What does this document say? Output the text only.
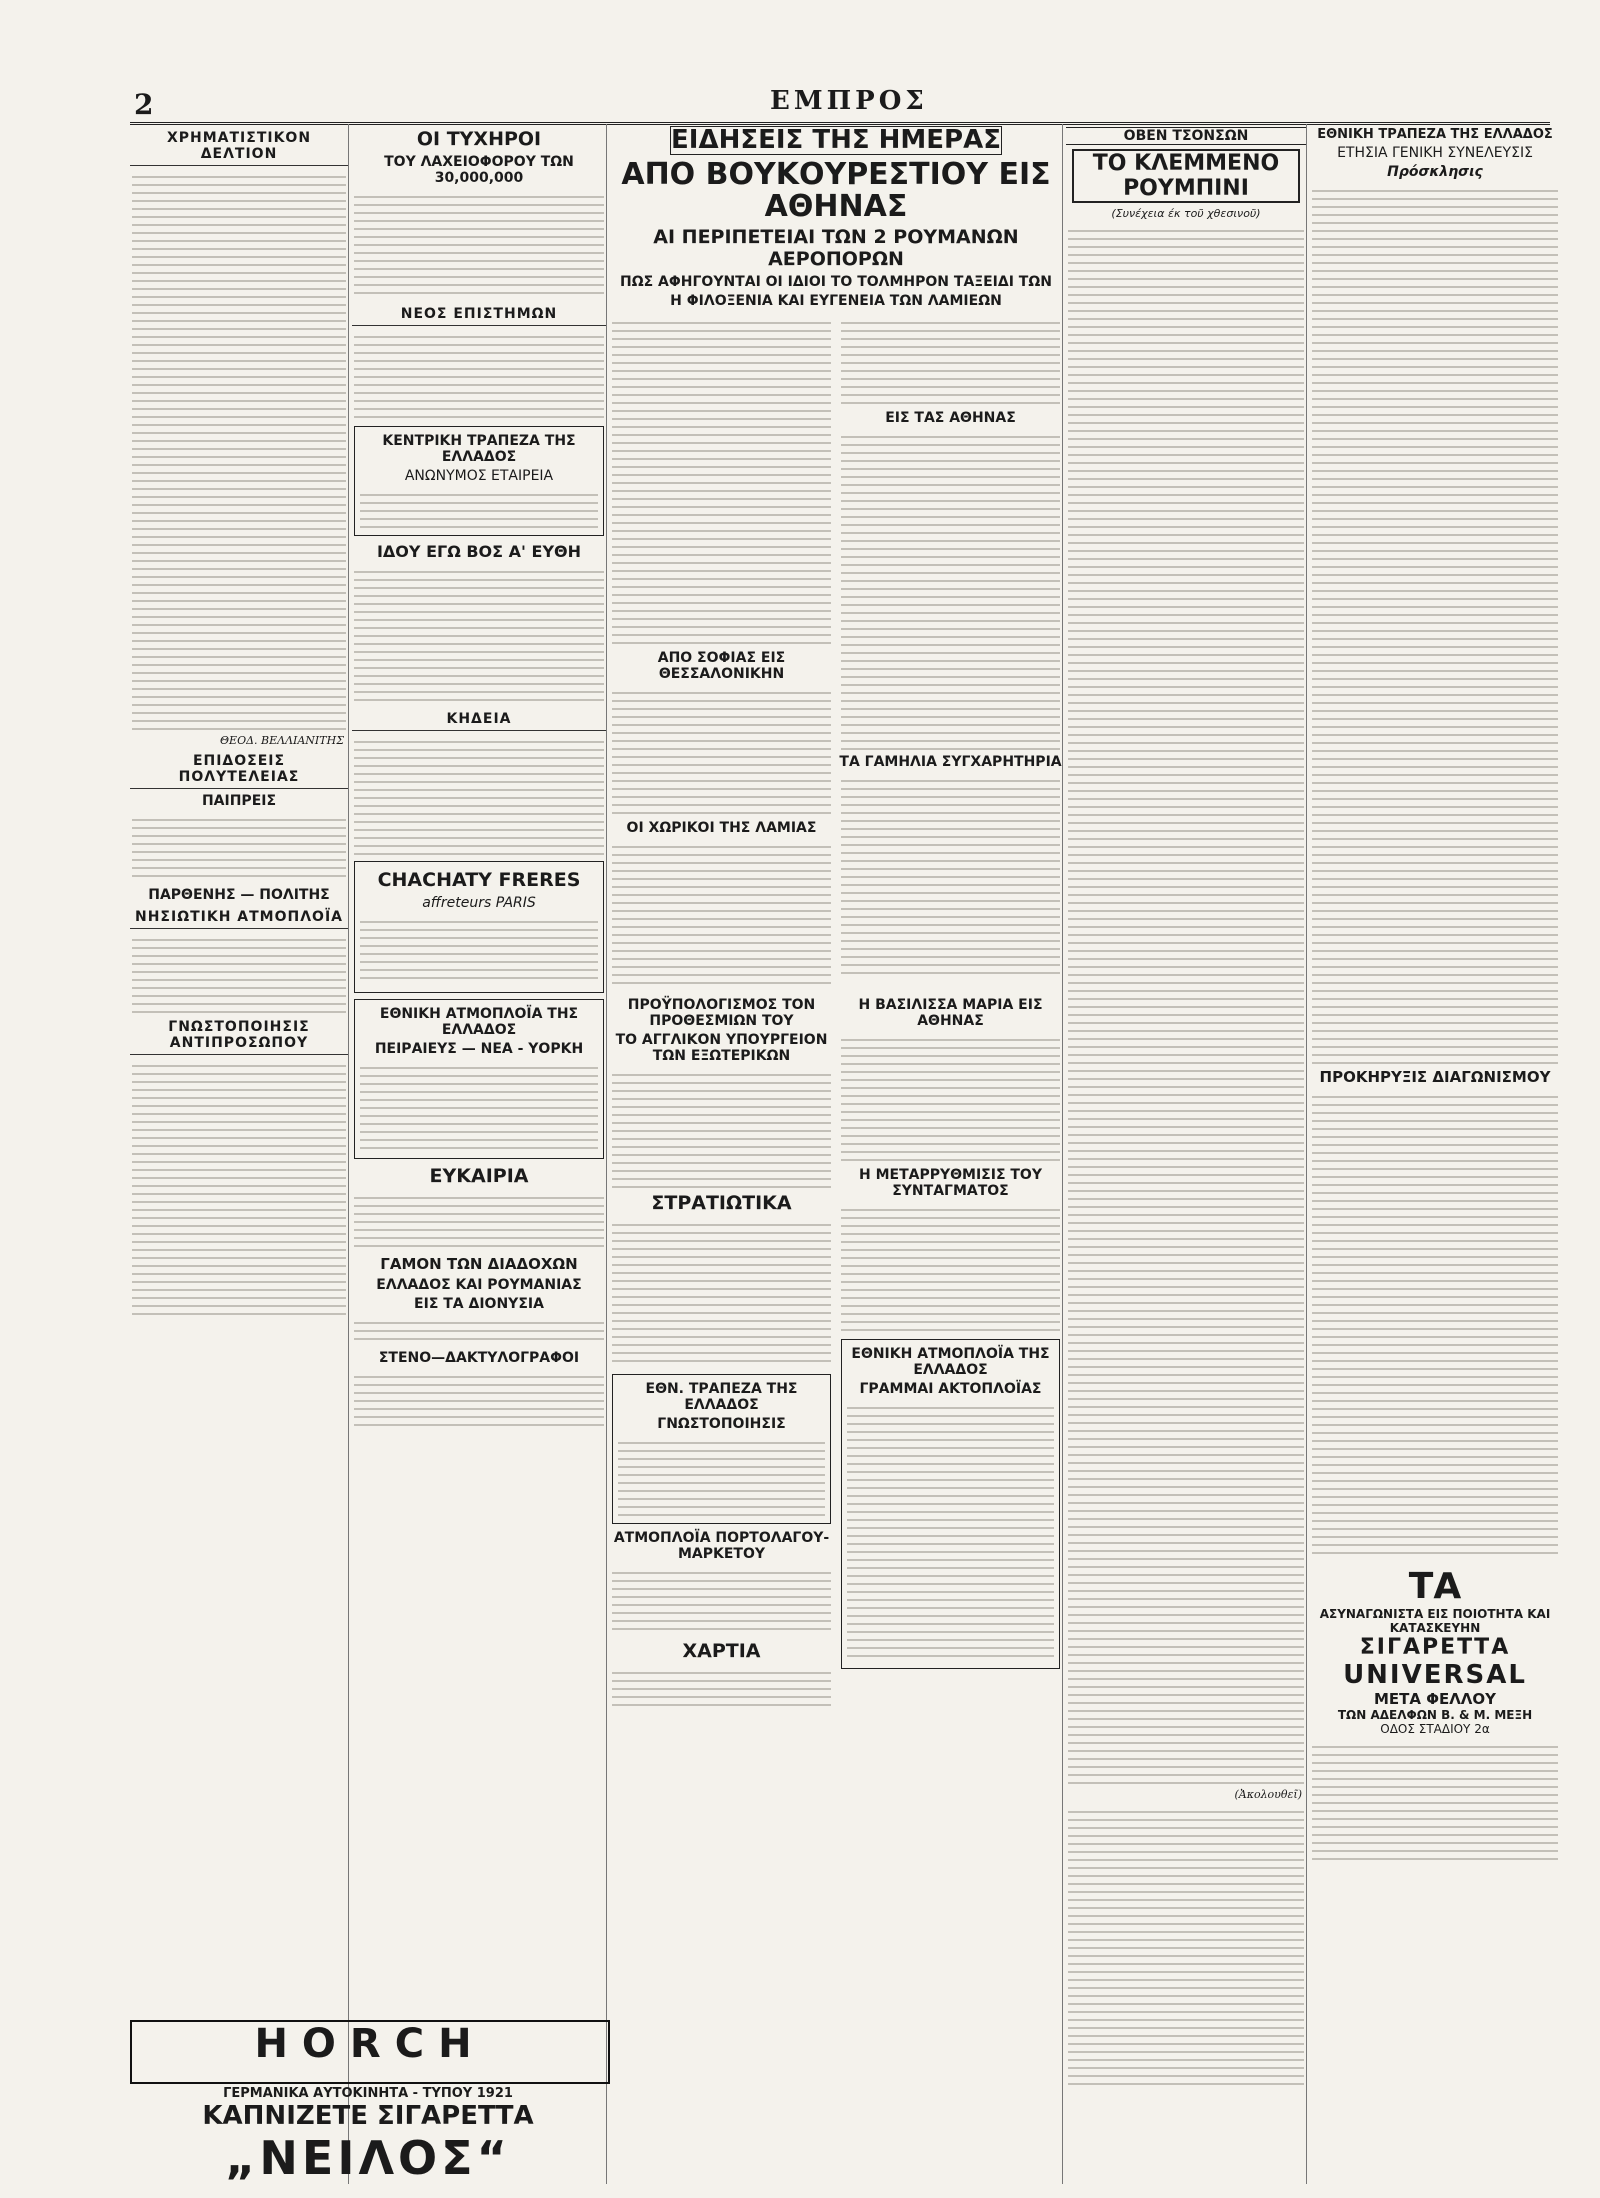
2	ΕΜΠΡΟΣ
ΧΡΗΜΑΤΙΣΤΙΚΟΝ ΔΕΛΤΙΟΝ
ΘΕΟΔ. ΒΕΛΛΙΑΝΙΤΗΣ
ΕΠΙΔΟΣΕΙΣ ΠΟΛΥΤΕΛΕΙΑΣ
ΠΑΙΠΡΕΙΣ
ΠΑΡΘΕΝΗΣ — ΠΟΛΙΤΗΣ
ΝΗΣΙΩΤΙΚΗ ΑΤΜΟΠΛΟΪΑ
ΓΝΩΣΤΟΠΟΙΗΣΙΣ ΑΝΤΙΠΡΟΣΩΠΟΥ
ΟΙ ΤΥΧΗΡΟΙ
ΤΟΥ ΛΑΧΕΙΟΦΟΡΟΥ ΤΩΝ 30,000,000
ΝΕΟΣ ΕΠΙΣΤΗΜΩΝ
ΚΕΝΤΡΙΚΗ ΤΡΑΠΕΖΑ ΤΗΣ ΕΛΛΑΔΟΣ
ΑΝΩΝΥΜΟΣ ΕΤΑΙΡΕΙΑ
ΙΔΟΥ ΕΓΩ ΒΟΣ Α' ΕΥΘΗ
ΚΗΔΕΙΑ
CHACHATY FRERES
affreteurs PARIS
ΕΘΝΙΚΗ ΑΤΜΟΠΛΟΪΑ ΤΗΣ ΕΛΛΑΔΟΣ
ΠΕΙΡΑΙΕΥΣ — ΝΕΑ - ΥΟΡΚΗ
ΕΥΚΑΙΡΙΑ
ΓΑΜΟΝ ΤΩΝ ΔΙΑΔΟΧΩΝ
ΕΛΛΑΔΟΣ ΚΑΙ ΡΟΥΜΑΝΙΑΣ
ΕΙΣ ΤΑ ΔΙΟΝΥΣΙΑ
ΣΤΕΝΟ—ΔΑΚΤΥΛΟΓΡΑΦΟΙ
ΕΙΔΗΣΕΙΣ ΤΗΣ ΗΜΕΡΑΣ
ΑΠΟ ΒΟΥΚΟΥΡΕΣΤΙΟΥ ΕΙΣ ΑΘΗΝΑΣ
ΑΙ ΠΕΡΙΠΕΤΕΙΑΙ ΤΩΝ 2 ΡΟΥΜΑΝΩΝ ΑΕΡΟΠΟΡΩΝ
ΠΩΣ ΑΦΗΓΟΥΝΤΑΙ ΟΙ ΙΔΙΟΙ ΤΟ ΤΟΛΜΗΡΟΝ ΤΑΞΕΙΔΙ ΤΩΝ
Η ΦΙΛΟΞΕΝΙΑ ΚΑΙ ΕΥΓΕΝΕΙΑ ΤΩΝ ΛΑΜΙΕΩΝ
ΑΠΟ ΣΟΦΙΑΣ ΕΙΣ ΘΕΣΣΑΛΟΝΙΚΗΝ
ΟΙ ΧΩΡΙΚΟΙ ΤΗΣ ΛΑΜΙΑΣ
ΕΙΣ ΤΑΣ ΑΘΗΝΑΣ
ΤΑ ΓΑΜΗΛΙΑ ΣΥΓΧΑΡΗΤΗΡΙΑ
ΠΡΟΫΠΟΛΟΓΙΣΜΟΣ ΤΟΝ ΠΡΟΘΕΣΜΙΩΝ ΤΟΥ
ΤΟ ΑΓΓΛΙΚΟΝ ΥΠΟΥΡΓΕΙΟΝ ΤΩΝ ΕΞΩΤΕΡΙΚΩΝ
ΣΤΡΑΤΙΩΤΙΚΑ
ΕΘΝ. ΤΡΑΠΕΖΑ ΤΗΣ ΕΛΛΑΔΟΣ
ΓΝΩΣΤΟΠΟΙΗΣΙΣ
ΑΤΜΟΠΛΟΪΑ ΠΟΡΤΟΛΑΓΟΥ-ΜΑΡΚΕΤΟΥ
ΧΑΡΤΙΑ
Η ΒΑΣΙΛΙΣΣΑ ΜΑΡΙΑ ΕΙΣ ΑΘΗΝΑΣ
Η ΜΕΤΑΡΡΥΘΜΙΣΙΣ ΤΟΥ ΣΥΝΤΑΓΜΑΤΟΣ
ΕΘΝΙΚΗ ΑΤΜΟΠΛΟΪΑ ΤΗΣ ΕΛΛΑΔΟΣ
ΓΡΑΜΜΑΙ ΑΚΤΟΠΛΟΪΑΣ
ΟΒΕΝ ΤΣΟΝΣΩΝ
ΤΟ ΚΛΕΜΜΕΝΟ ΡΟΥΜΠΙΝΙ
(Συνέχεια έκ τοῦ χθεσινοῦ)
(Ἀκολουθεῖ)
ΕΘΝΙΚΗ ΤΡΑΠΕΖΑ ΤΗΣ ΕΛΛΑΔΟΣ
ΕΤΗΣΙΑ ΓΕΝΙΚΗ ΣΥΝΕΛΕΥΣΙΣ
Πρόσκλησις
ΠΡΟΚΗΡΥΞΙΣ ΔΙΑΓΩΝΙΣΜΟΥ
ΤΑ
ΑΣΥΝΑΓΩΝΙΣΤΑ ΕΙΣ ΠΟΙΟΤΗΤΑ ΚΑΙ ΚΑΤΑΣΚΕΥΗΝ
ΣΙΓΑΡΕΤΤΑ
UNIVERSAL
ΜΕΤΑ ΦΕΛΛΟΥ
ΤΩΝ ΑΔΕΛΦΩΝ Β. & Μ. ΜΕΞΗ
ΟΔΟΣ ΣΤΑΔΙΟΥ 2α
HORCH
ΓΕΡΜΑΝΙΚΑ ΑΥΤΟΚΙΝΗΤΑ - ΤΥΠΟΥ 1921
ΚΑΠΝΙΖΕΤΕ ΣΙΓΑΡΕΤΤΑ
„ΝΕΙΛΟΣ“
